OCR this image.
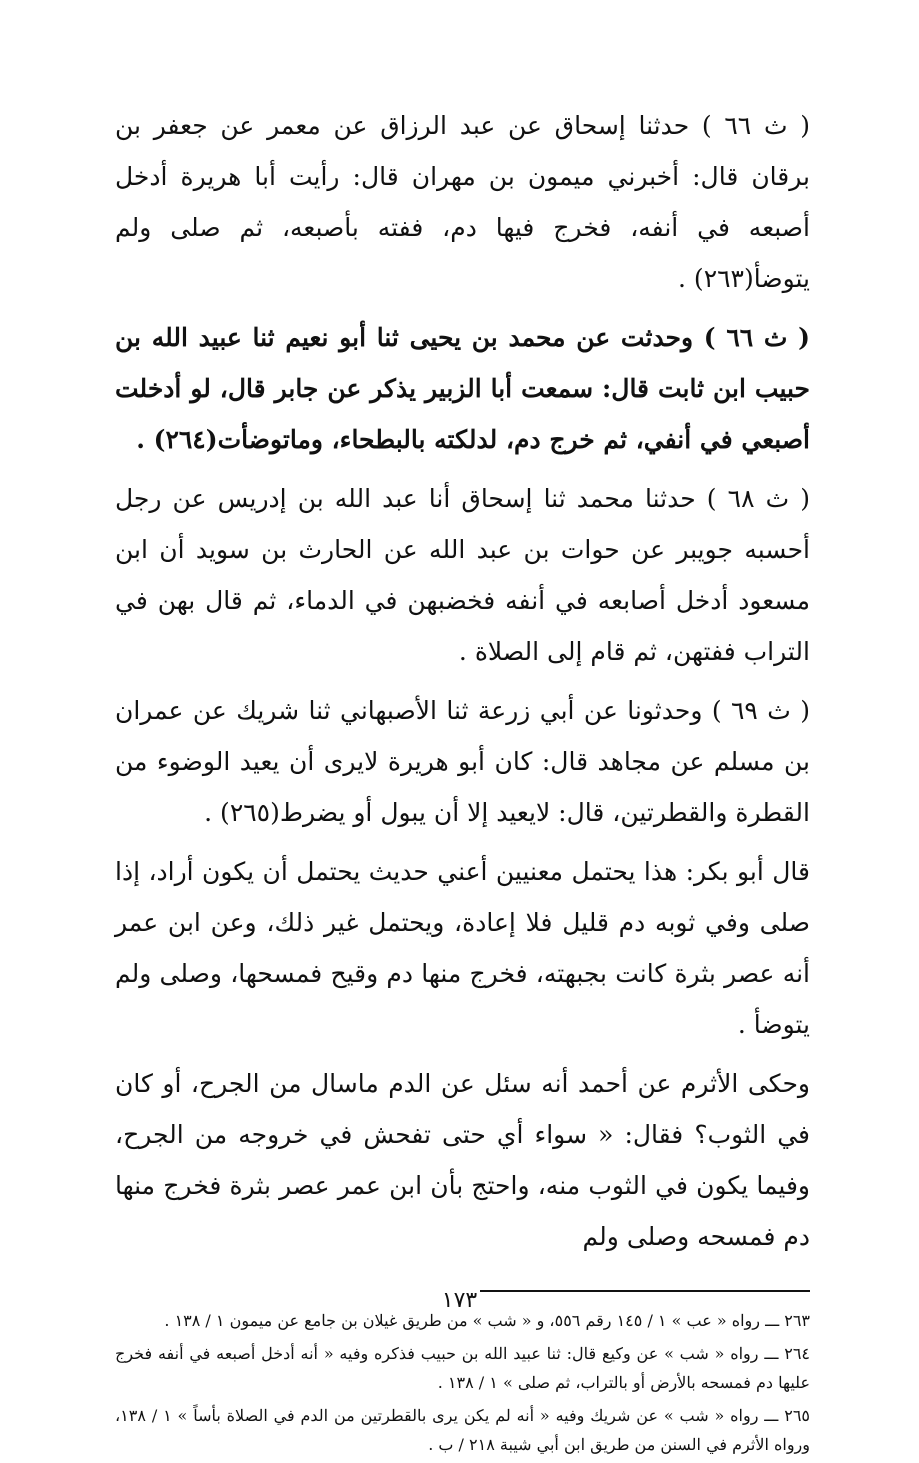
( ث ٦٦ ) حدثنا إسحاق عن عبد الرزاق عن معمر عن جعفر بن برقان قال: أخبرني ميمون بن مهران قال: رأيت أبا هريرة أدخل أصبعه في أنفه، فخرج فيها دم، ففته بأصبعه، ثم صلى ولم يتوضأ(٢٦٣) .

( ث ٦٦ ) وحدثت عن محمد بن يحيى ثنا أبو نعيم ثنا عبيد الله بن حبيب ابن ثابت قال: سمعت أبا الزبير يذكر عن جابر قال، لو أدخلت أصبعي في أنفي، ثم خرج دم، لدلكته بالبطحاء، وماتوضأت(٢٦٤) .

( ث ٦٨ ) حدثنا محمد ثنا إسحاق أنا عبد الله بن إدريس عن رجل أحسبه جويبر عن حوات بن عبد الله عن الحارث بن سويد أن ابن مسعود أدخل أصابعه في أنفه فخضبهن في الدماء، ثم قال بهن في التراب ففتهن، ثم قام إلى الصلاة .

( ث ٦٩ ) وحدثونا عن أبي زرعة ثنا الأصبهاني ثنا شريك عن عمران بن مسلم عن مجاهد قال: كان أبو هريرة لايرى أن يعيد الوضوء من القطرة والقطرتين، قال: لايعيد إلا أن يبول أو يضرط(٢٦٥) .

قال أبو بكر: هذا يحتمل معنيين أعني حديث يحتمل أن يكون أراد، إذا صلى وفي ثوبه دم قليل فلا إعادة، ويحتمل غير ذلك، وعن ابن عمر أنه عصر بثرة كانت بجبهته، فخرج منها دم وقيح فمسحها، وصلى ولم يتوضأ .

وحكى الأثرم عن أحمد أنه سئل عن الدم ماسال من الجرح، أو كان في الثوب؟ فقال: « سواء أي حتى تفحش في خروجه من الجرح، وفيما يكون في الثوب منه، واحتج بأن ابن عمر عصر بثرة فخرج منها دم فمسحه وصلى ولم

٢٦٣ ـــ رواه « عب » ١ / ١٤٥ رقم ٥٥٦، و « شب » من طريق غيلان بن جامع عن ميمون ١ / ١٣٨ .

٢٦٤ ـــ رواه « شب » عن وكيع قال: ثنا عبيد الله بن حبيب فذكره وفيه « أنه أدخل أصبعه في أنفه فخرج عليها دم فمسحه بالأرض أو بالتراب، ثم صلى » ١ / ١٣٨ .

٢٦٥ ـــ رواه « شب » عن شريك وفيه « أنه لم يكن يرى بالقطرتين من الدم في الصلاة بأساً » ١ / ١٣٨، ورواه الأثرم في السنن من طريق ابن أبي شيبة ٢١٨ / ب .

١٧٣
